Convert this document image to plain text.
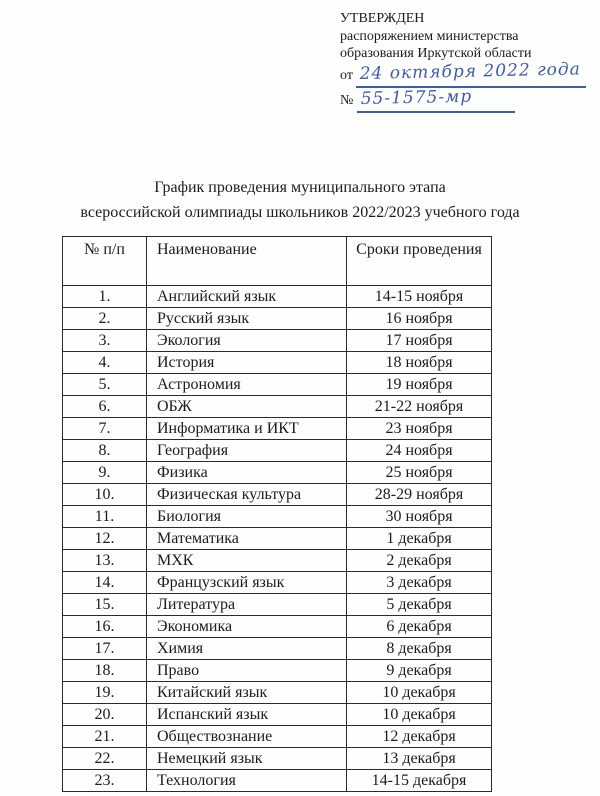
УТВЕРЖДЕН
распоряжением министерства
образования Иркутской области
от 24 октября 2022 года
№ 55-1575-мр
График проведения муниципального этапа
всероссийской олимпиады школьников 2022/2023 учебного года
№ п/п	Наименование	Сроки проведения
1.	Английский язык	14-15 ноября
2.	Русский язык	16 ноября
3.	Экология	17 ноября
4.	История	18 ноября
5.	Астрономия	19 ноября
6.	ОБЖ	21-22 ноября
7.	Информатика и ИКТ	23 ноября
8.	География	24 ноября
9.	Физика	25 ноября
10.	Физическая культура	28-29 ноября
11.	Биология	30 ноября
12.	Математика	1 декабря
13.	МХК	2 декабря
14.	Французский язык	3 декабря
15.	Литература	5 декабря
16.	Экономика	6 декабря
17.	Химия	8 декабря
18.	Право	9 декабря
19.	Китайский язык	10 декабря
20.	Испанский язык	10 декабря
21.	Обществознание	12 декабря
22.	Немецкий язык	13 декабря
23.	Технология	14-15 декабря
